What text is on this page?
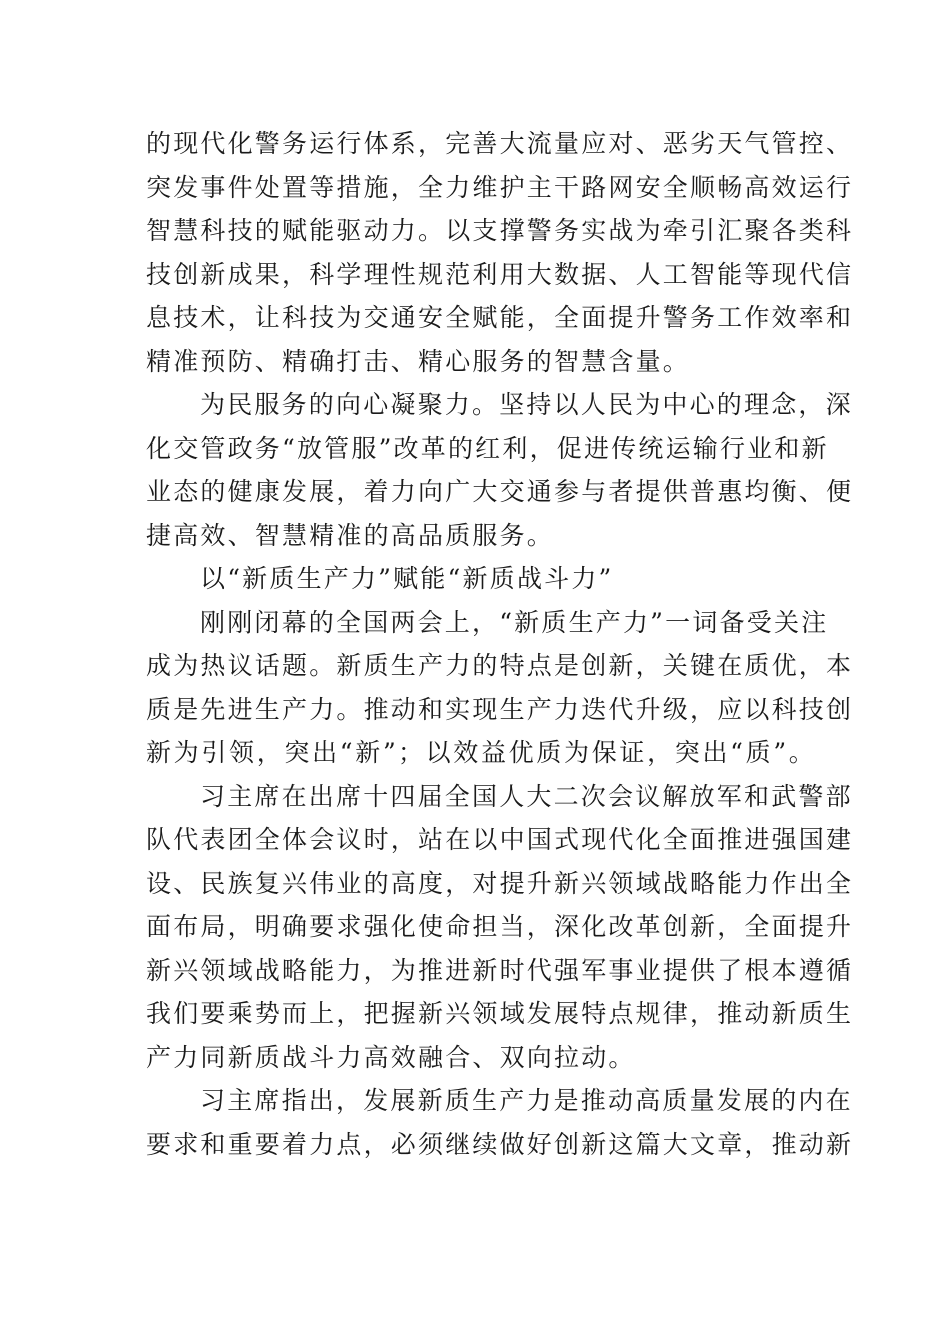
的现代化警务运行体系，完善大流量应对、恶劣天气管控、
突发事件处置等措施，全力维护主干路网安全顺畅高效运行
智慧科技的赋能驱动力。以支撑警务实战为牵引汇聚各类科
技创新成果，科学理性规范利用大数据、人工智能等现代信
息技术，让科技为交通安全赋能，全面提升警务工作效率和
精准预防、精确打击、精心服务的智慧含量。
为民服务的向心凝聚力。坚持以人民为中心的理念，深
化交管政务“放管服”改革的红利，促进传统运输行业和新
业态的健康发展，着力向广大交通参与者提供普惠均衡、便
捷高效、智慧精准的高品质服务。
以“新质生产力”赋能“新质战斗力”
刚刚闭幕的全国两会上，“新质生产力”一词备受关注
成为热议话题。新质生产力的特点是创新，关键在质优，本
质是先进生产力。推动和实现生产力迭代升级，应以科技创
新为引领，突出“新”；以效益优质为保证，突出“质”。
习主席在出席十四届全国人大二次会议解放军和武警部
队代表团全体会议时，站在以中国式现代化全面推进强国建
设、民族复兴伟业的高度，对提升新兴领域战略能力作出全
面布局，明确要求强化使命担当，深化改革创新，全面提升
新兴领域战略能力，为推进新时代强军事业提供了根本遵循
我们要乘势而上，把握新兴领域发展特点规律，推动新质生
产力同新质战斗力高效融合、双向拉动。
习主席指出，发展新质生产力是推动高质量发展的内在
要求和重要着力点，必须继续做好创新这篇大文章，推动新
